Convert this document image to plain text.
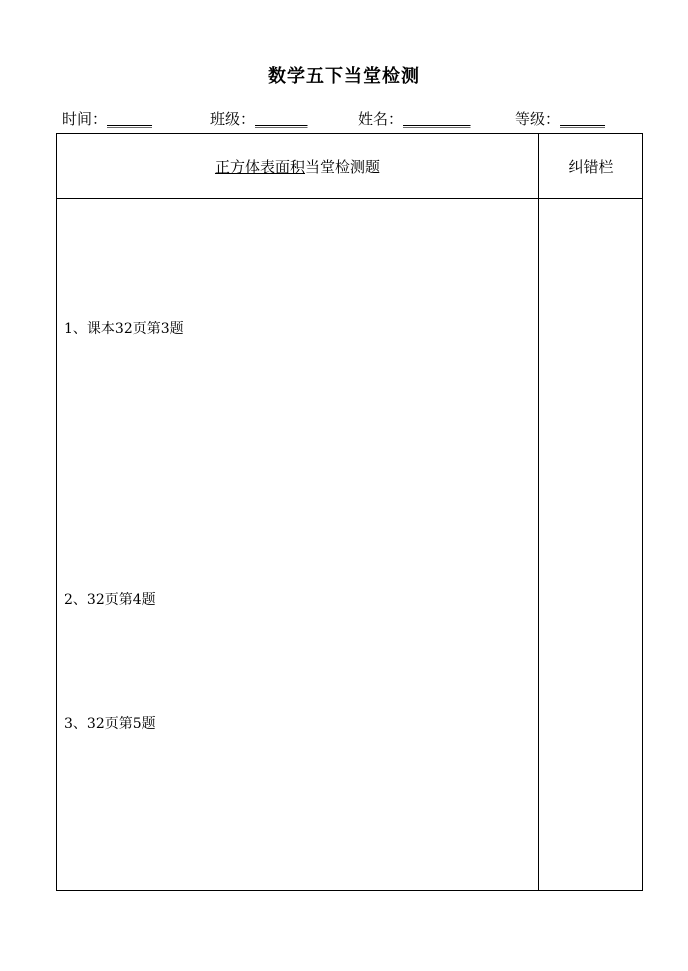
数学五下当堂检测
时间：______	班级：_______	姓名：_________	等级：______
正方体表面积当堂检测题	纠错栏
1、课本32页第3题
2、32页第4题
3、32页第5题
